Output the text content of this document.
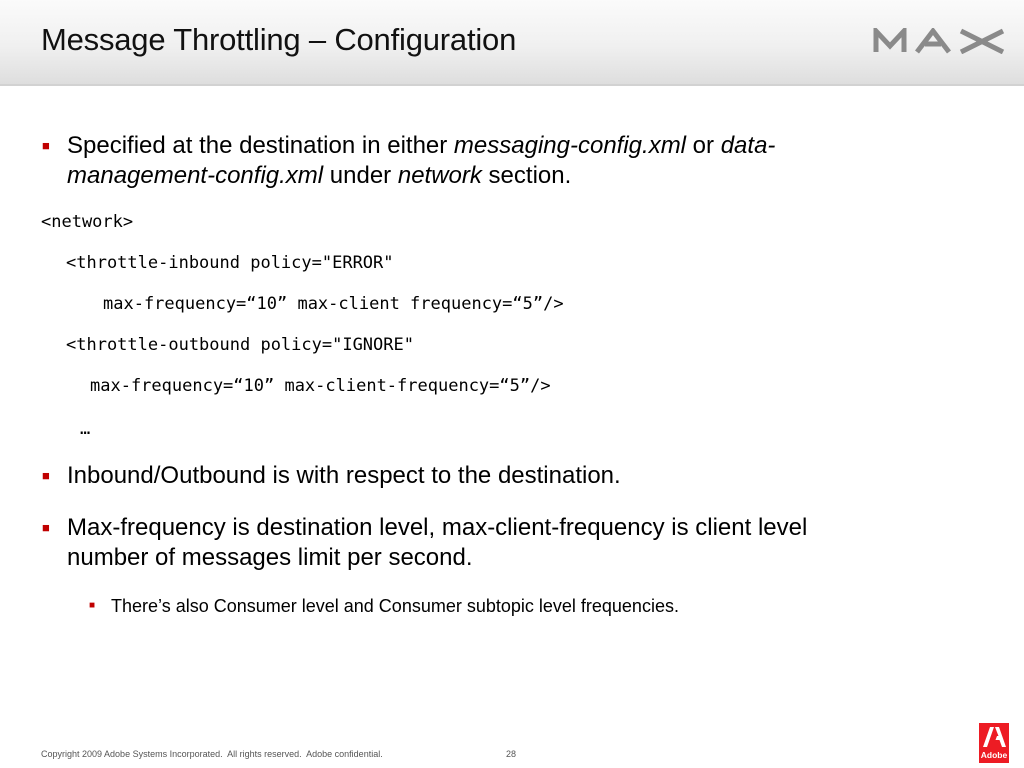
Message Throttling – Configuration
■ Specified at the destination in either messaging-config.xml or data-
management-config.xml under network section.
<network>
<throttle-inbound policy="ERROR"
max-frequency=“10” max-client frequency=“5”/>
<throttle-outbound policy="IGNORE"
max-frequency=“10” max-client-frequency=“5”/>
…
■ Inbound/Outbound is with respect to the destination.
■ Max-frequency is destination level, max-client-frequency is client level
number of messages limit per second.
■ There’s also Consumer level and Consumer subtopic level frequencies.
Copyright 2009 Adobe Systems Incorporated.  All rights reserved.  Adobe confidential.	28	Adobe
